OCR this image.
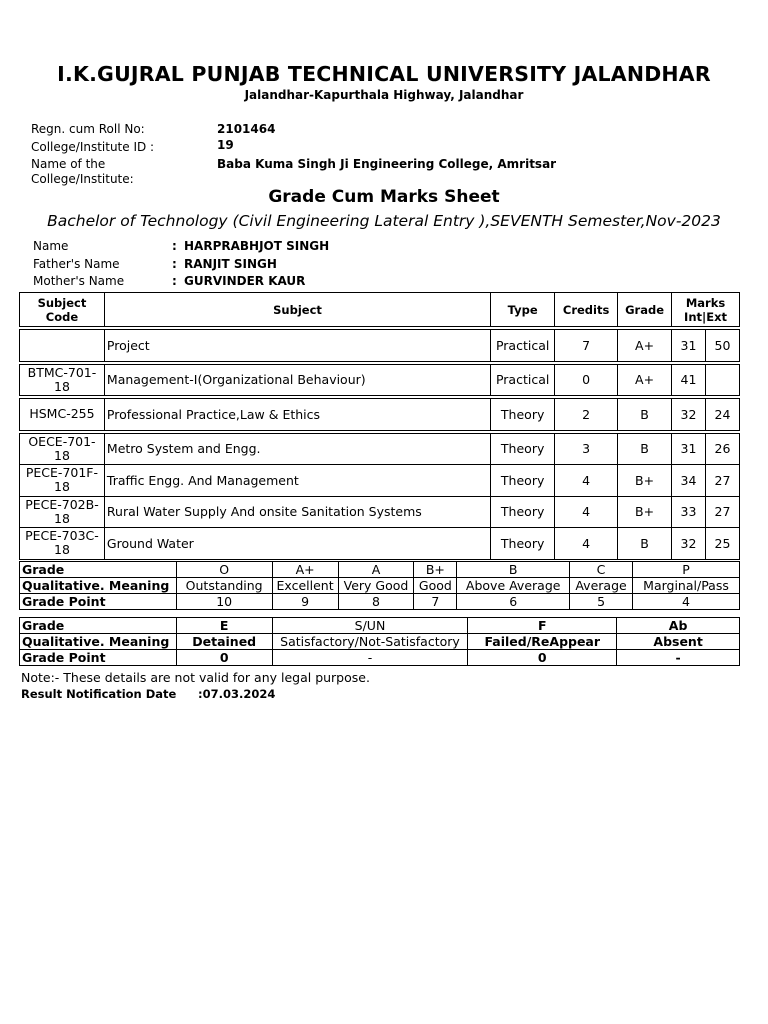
I.K.GUJRAL PUNJAB TECHNICAL UNIVERSITY JALANDHAR
Jalandhar-Kapurthala Highway, Jalandhar
Regn. cum Roll No:	2101464
College/Institute ID :	19
Name of the
College/Institute:
Baba Kuma Singh Ji Engineering College, Amritsar
Grade Cum Marks Sheet
Bachelor of Technology (Civil Engineering Lateral Entry ),SEVENTH Semester,Nov-2023
Name	: HARPRABHJOT SINGH
Father's Name	: RANJIT SINGH
Mother's Name	: GURVINDER KAUR
Subject
Code	Subject	Type	Credits	Grade	Marks
Int|Ext	

	Project	Practical	7	A+	31	50

BTMC-701-
18	Management-I(Organizational Behaviour)	Practical	0	A+	41	

HSMC-255	Professional Practice,Law & Ethics	Theory	2	B	32	24

OECE-701-
18	Metro System and Engg.	Theory	3	B	31	26
PECE-701F-
18	Traffic Engg. And Management	Theory	4	B+	34	27
PECE-702B-
18	Rural Water Supply And onsite Sanitation Systems	Theory	4	B+	33	27
PECE-703C-
18	Ground Water	Theory	4	B	32	25
Grade	O	A+	A	B+	B	C	P
Qualitative. Meaning	Outstanding	Excellent	Very Good	Good	Above Average	Average	Marginal/Pass
Grade Point	10	9	8	7	6	5	4
Grade	E	S/UN	F	Ab
Qualitative. Meaning	Detained	Satisfactory/Not-Satisfactory	Failed/ReAppear	Absent
Grade Point	0	-	0	-
Note:- These details are not valid for any legal purpose.
Result Notification Date :07.03.2024
